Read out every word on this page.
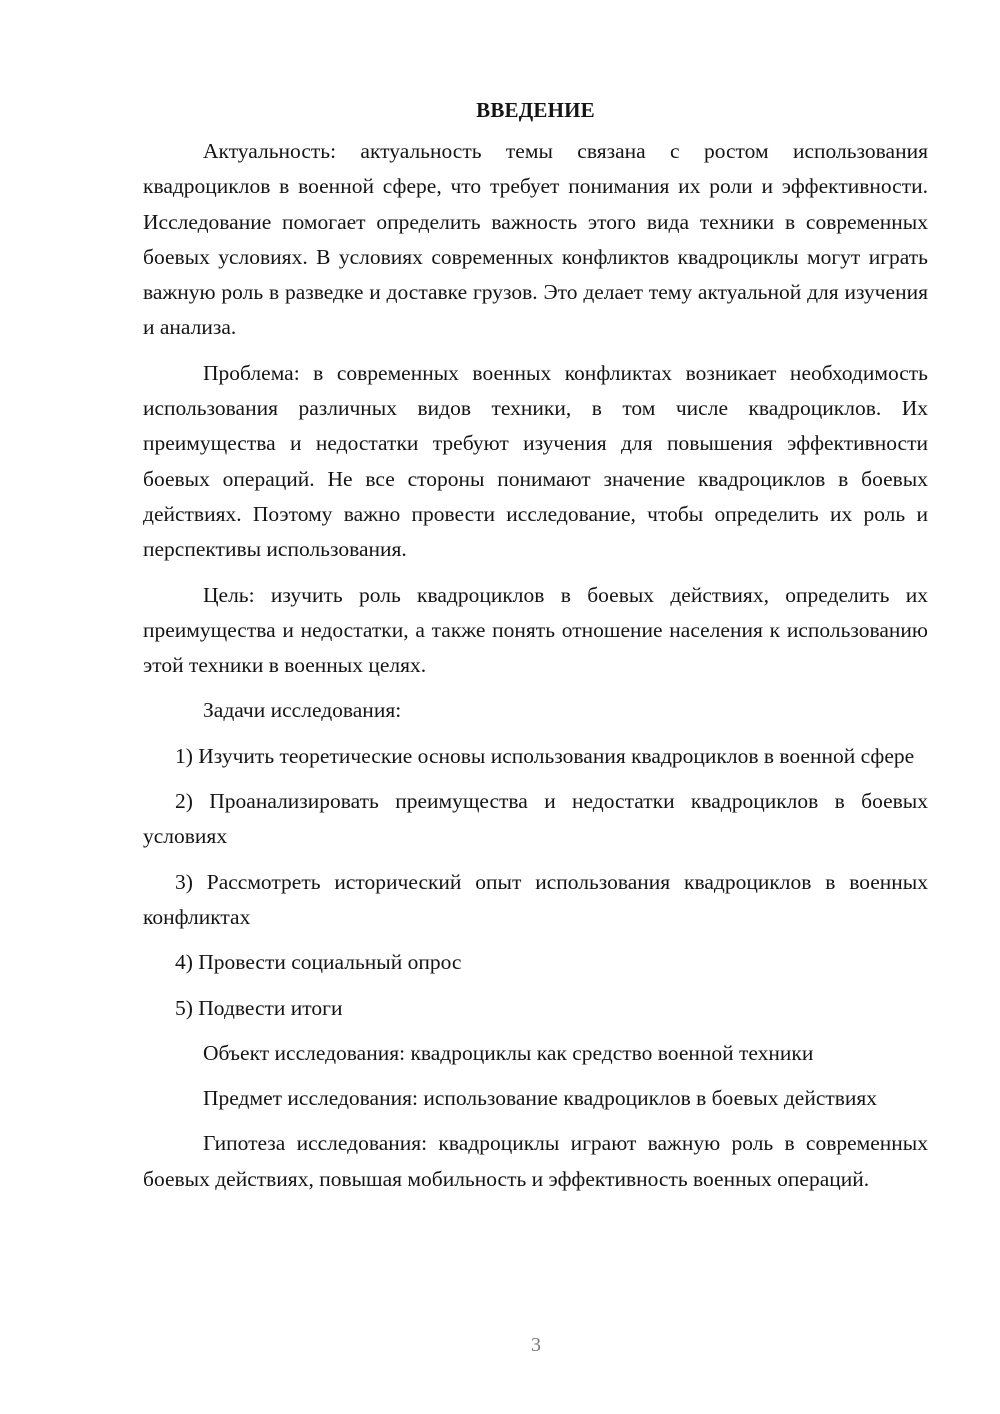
ВВЕДЕНИЕ

Актуальность: актуальность темы связана с ростом использования квадроциклов в военной сфере, что требует понимания их роли и эффективности. Исследование помогает определить важность этого вида техники в современных боевых условиях. В условиях современных конфликтов квадроциклы могут играть важную роль в разведке и доставке грузов. Это делает тему актуальной для изучения и анализа.

Проблема: в современных военных конфликтах возникает необходимость использования различных видов техники, в том числе квадроциклов. Их преимущества и недостатки требуют изучения для повышения эффективности боевых операций. Не все стороны понимают значение квадроциклов в боевых действиях. Поэтому важно провести исследование, чтобы определить их роль и перспективы использования.

Цель: изучить роль квадроциклов в боевых действиях, определить их преимущества и недостатки, а также понять отношение населения к использованию этой техники в военных целях.

Задачи исследования:

1) Изучить теоретические основы использования квадроциклов в военной сфере

2) Проанализировать преимущества и недостатки квадроциклов в боевых условиях

3) Рассмотреть исторический опыт использования квадроциклов в военных конфликтах

4) Провести социальный опрос

5) Подвести итоги

Объект исследования: квадроциклы как средство военной техники

Предмет исследования: использование квадроциклов в боевых действиях

Гипотеза исследования: квадроциклы играют важную роль в современных боевых действиях, повышая мобильность и эффективность военных операций.

3
